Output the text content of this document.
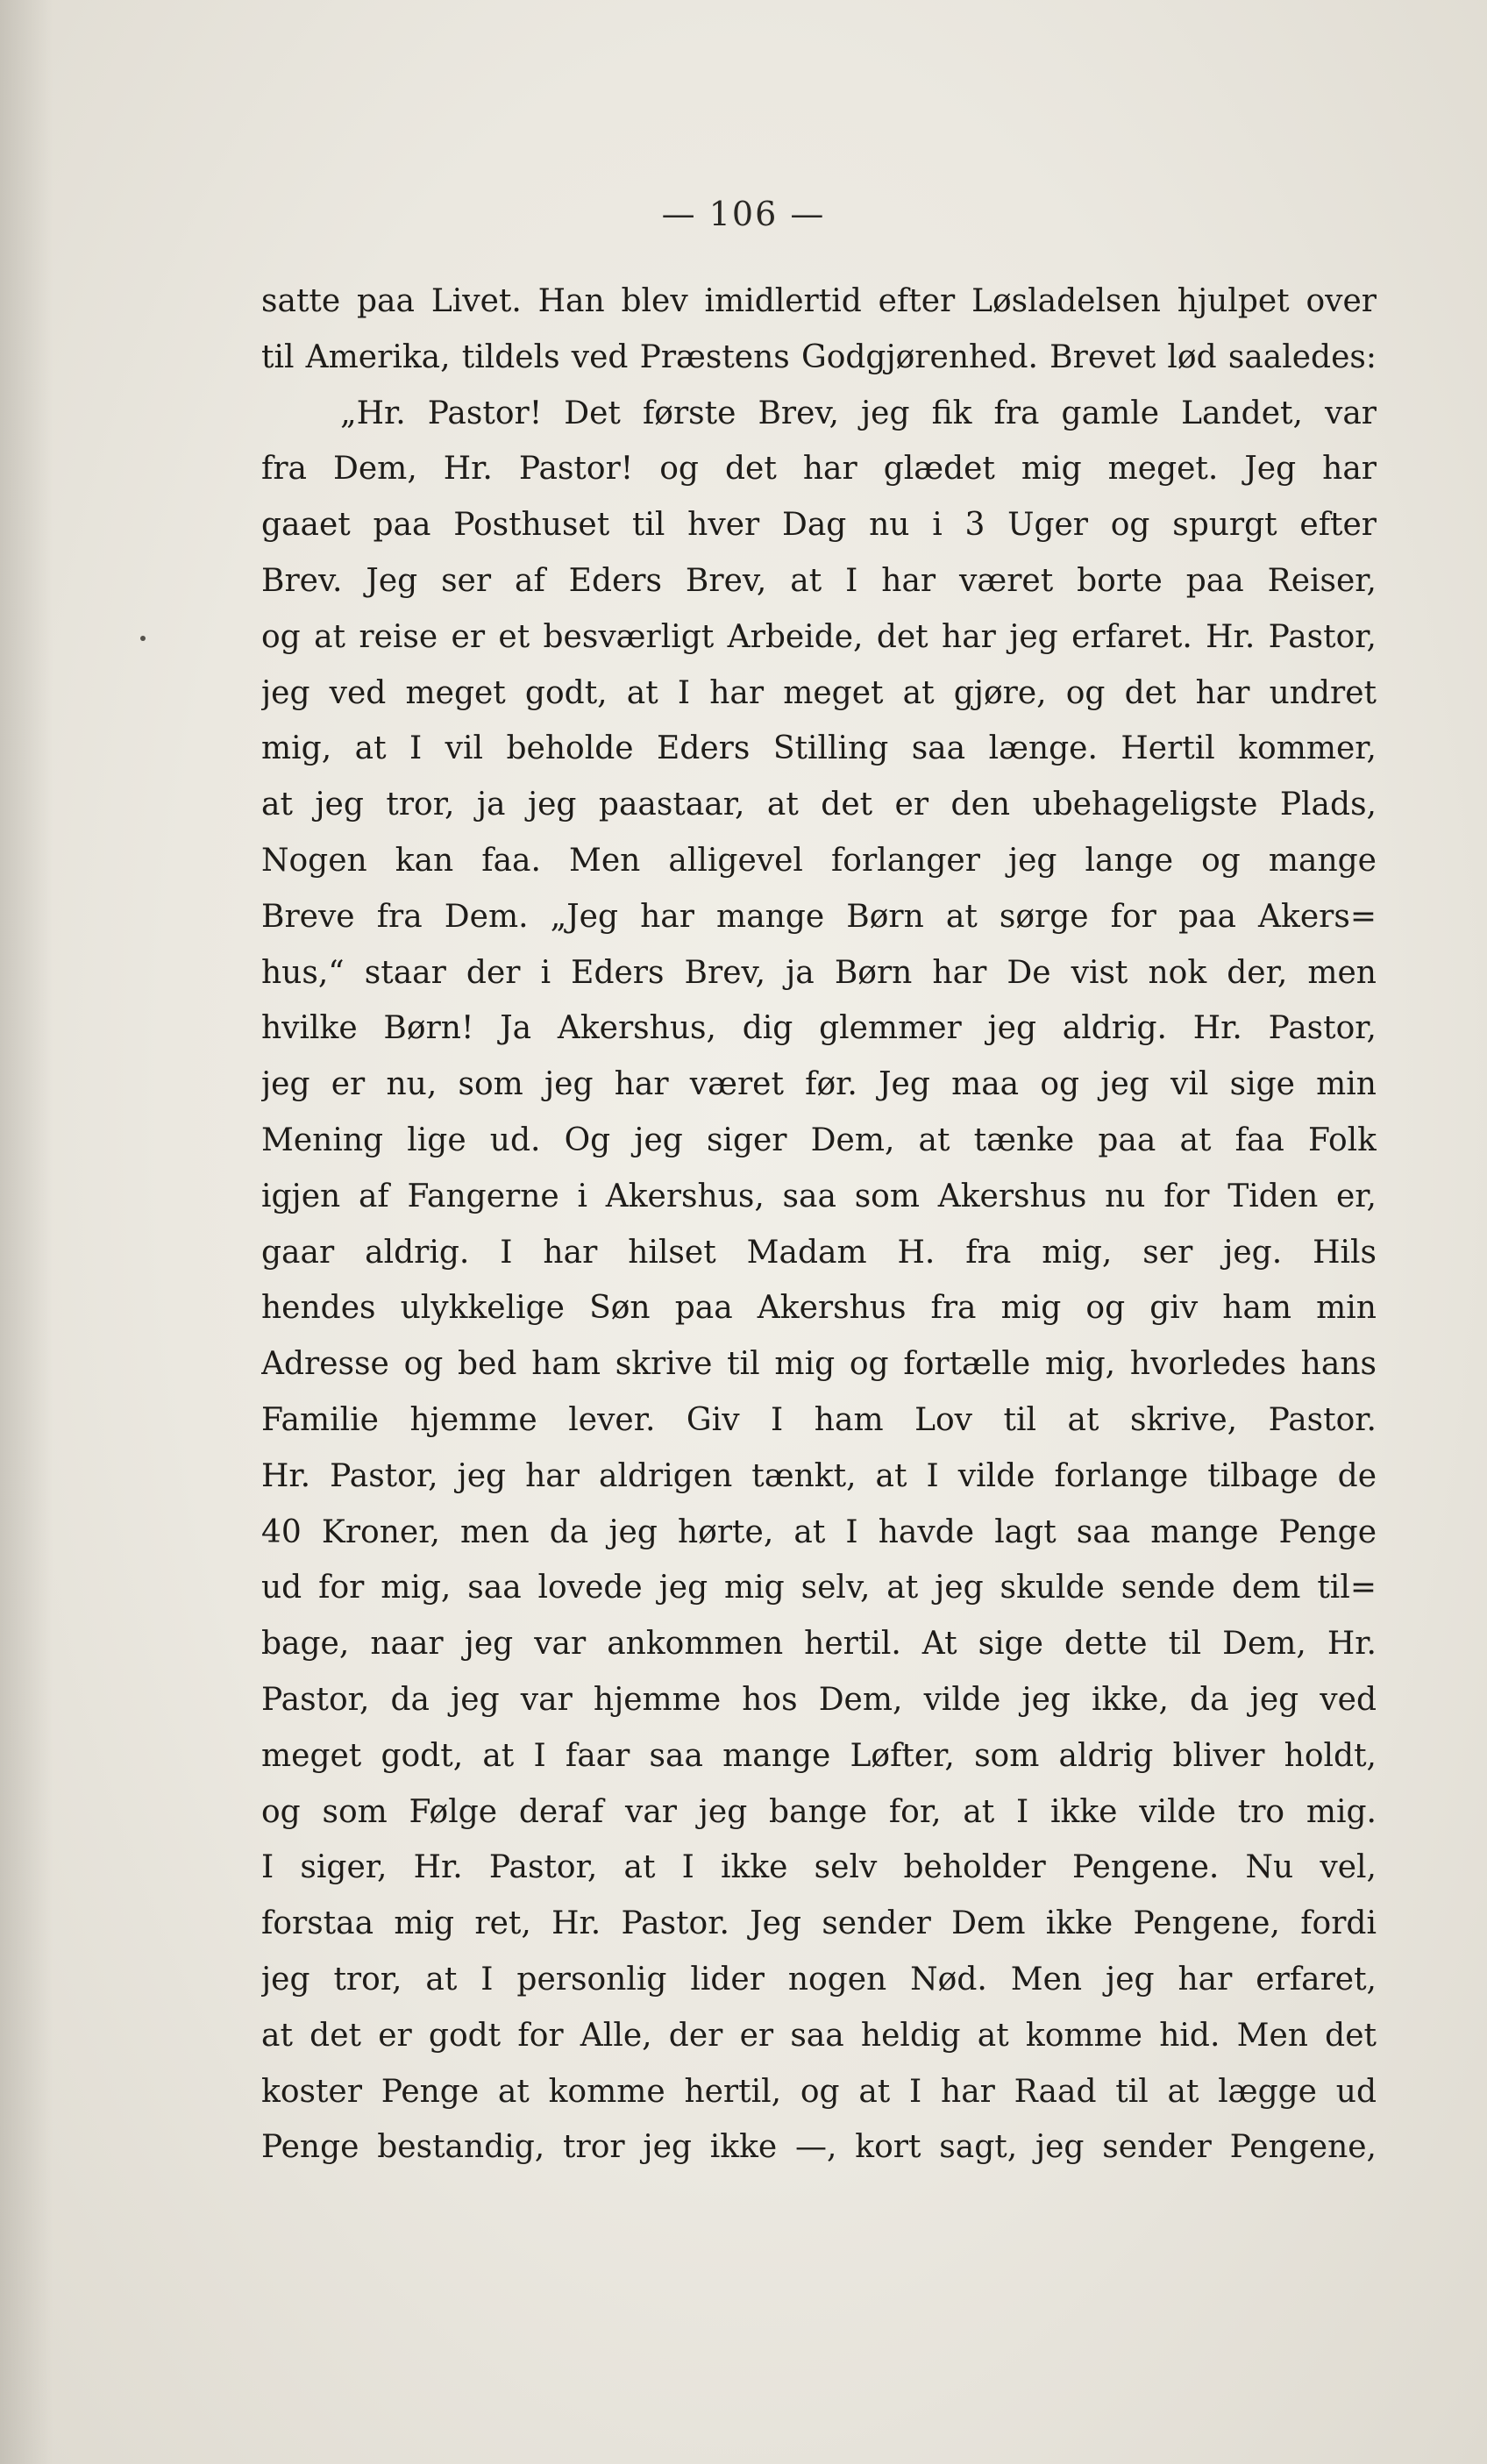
— 106 —
satte paa Livet. Han blev imidlertid efter Løsladelsen hjulpet over
til Amerika, tildels ved Præstens Godgjørenhed. Brevet lød saaledes:
„Hr. Pastor! Det første Brev, jeg fik fra gamle Landet, var
fra Dem, Hr. Pastor! og det har glædet mig meget. Jeg har
gaaet paa Posthuset til hver Dag nu i 3 Uger og spurgt efter
Brev. Jeg ser af Eders Brev, at I har været borte paa Reiser,
og at reise er et besværligt Arbeide, det har jeg erfaret. Hr. Pastor,
jeg ved meget godt, at I har meget at gjøre, og det har undret
mig, at I vil beholde Eders Stilling saa længe. Hertil kommer,
at jeg tror, ja jeg paastaar, at det er den ubehageligste Plads,
Nogen kan faa. Men alligevel forlanger jeg lange og mange
Breve fra Dem. „Jeg har mange Børn at sørge for paa Akers=
hus,“ staar der i Eders Brev, ja Børn har De vist nok der, men
hvilke Børn! Ja Akershus, dig glemmer jeg aldrig. Hr. Pastor,
jeg er nu, som jeg har været før. Jeg maa og jeg vil sige min
Mening lige ud. Og jeg siger Dem, at tænke paa at faa Folk
igjen af Fangerne i Akershus, saa som Akershus nu for Tiden er,
gaar aldrig. I har hilset Madam H. fra mig, ser jeg. Hils
hendes ulykkelige Søn paa Akershus fra mig og giv ham min
Adresse og bed ham skrive til mig og fortælle mig, hvorledes hans
Familie hjemme lever. Giv I ham Lov til at skrive, Pastor.
Hr. Pastor, jeg har aldrigen tænkt, at I vilde forlange tilbage de
40 Kroner, men da jeg hørte, at I havde lagt saa mange Penge
ud for mig, saa lovede jeg mig selv, at jeg skulde sende dem til=
bage, naar jeg var ankommen hertil. At sige dette til Dem, Hr.
Pastor, da jeg var hjemme hos Dem, vilde jeg ikke, da jeg ved
meget godt, at I faar saa mange Løfter, som aldrig bliver holdt,
og som Følge deraf var jeg bange for, at I ikke vilde tro mig.
I siger, Hr. Pastor, at I ikke selv beholder Pengene. Nu vel,
forstaa mig ret, Hr. Pastor. Jeg sender Dem ikke Pengene, fordi
jeg tror, at I personlig lider nogen Nød. Men jeg har erfaret,
at det er godt for Alle, der er saa heldig at komme hid. Men det
koster Penge at komme hertil, og at I har Raad til at lægge ud
Penge bestandig, tror jeg ikke —, kort sagt, jeg sender Pengene,
